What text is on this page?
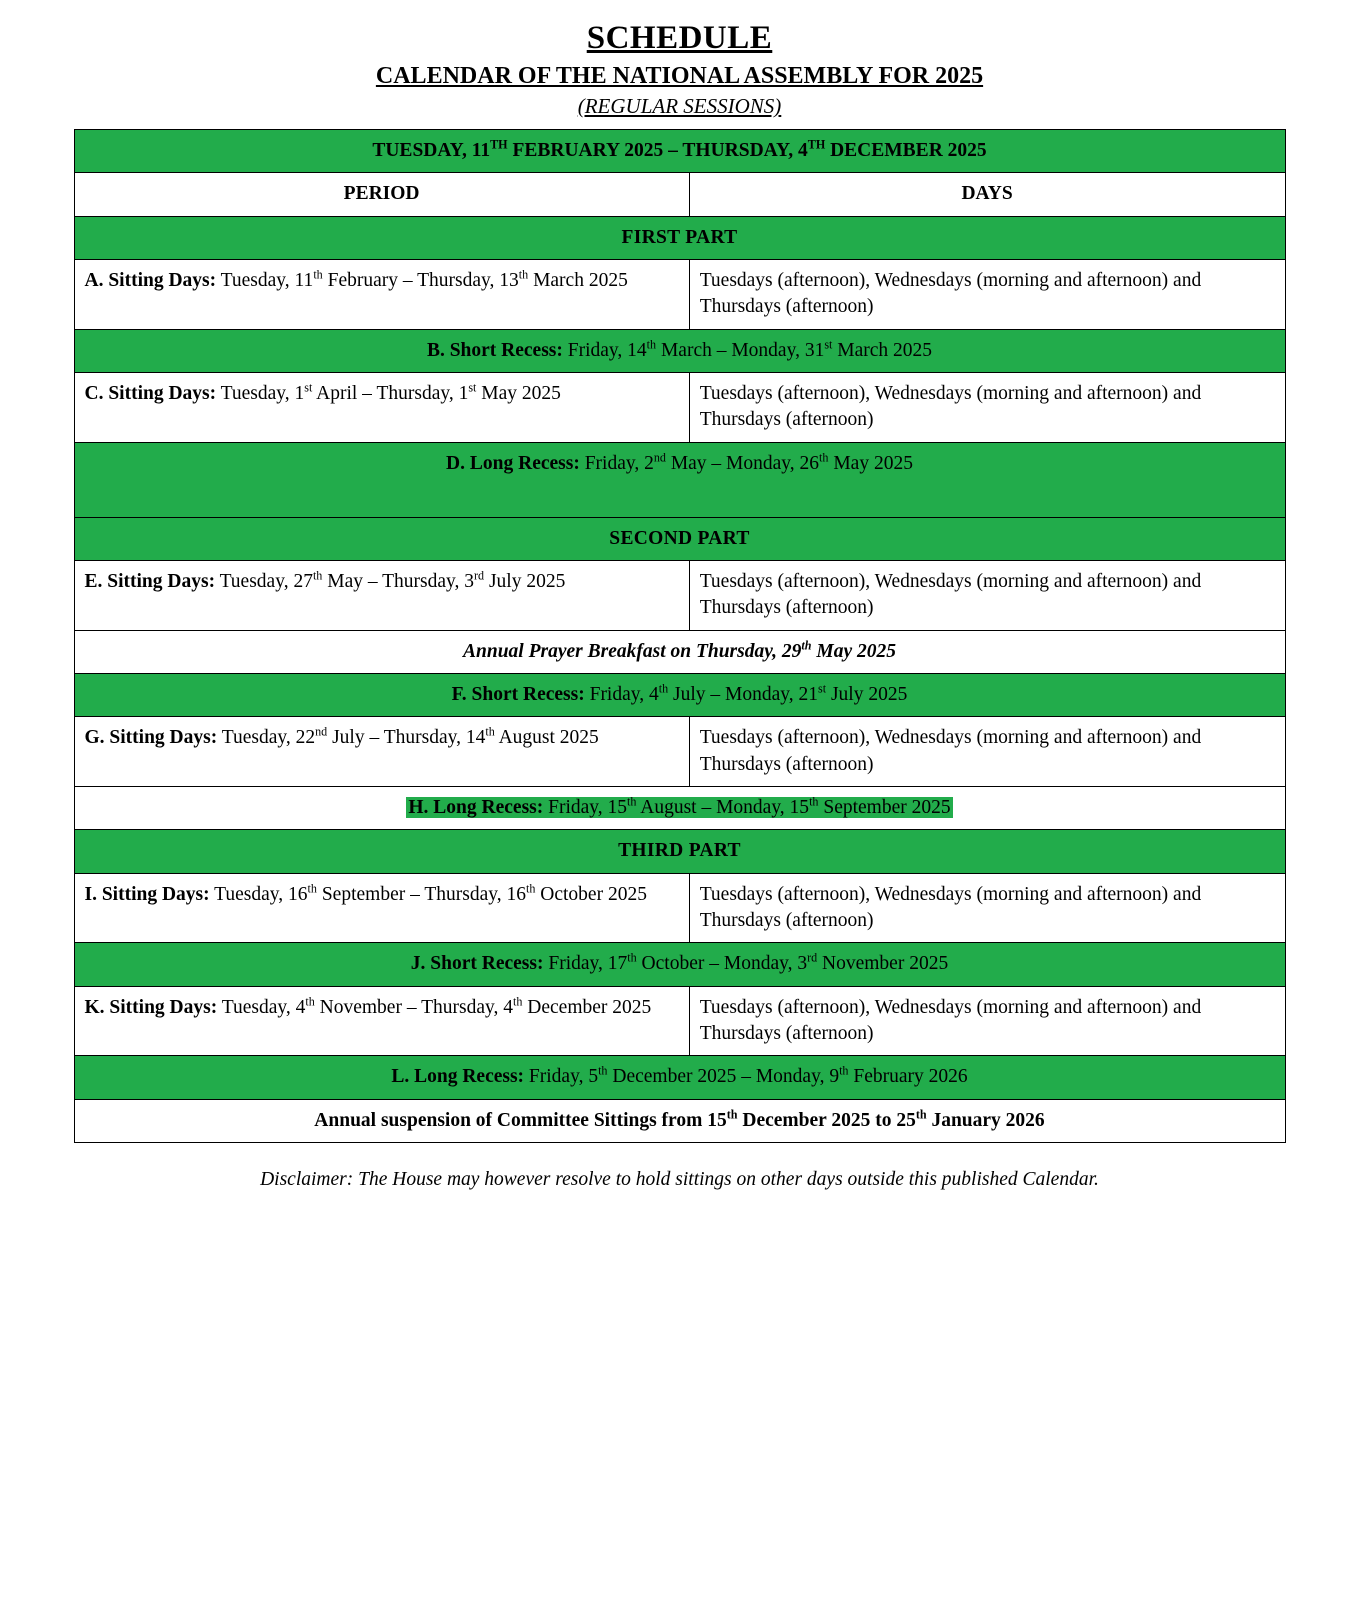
SCHEDULE
CALENDAR OF THE NATIONAL ASSEMBLY FOR 2025
(REGULAR SESSIONS)
TUESDAY, 11TH FEBRUARY 2025 – THURSDAY, 4TH DECEMBER 2025	
PERIOD	DAYS
FIRST PART	
A. Sitting Days: Tuesday, 11th February – Thursday, 13th March 2025	Tuesdays (afternoon), Wednesdays (morning and afternoon) and Thursdays (afternoon)
B. Short Recess: Friday, 14th March – Monday, 31st March 2025	
C. Sitting Days: Tuesday, 1st April – Thursday, 1st May 2025	Tuesdays (afternoon), Wednesdays (morning and afternoon) and Thursdays (afternoon)
D. Long Recess: Friday, 2nd May – Monday, 26th May 2025	
SECOND PART	
E. Sitting Days: Tuesday, 27th May – Thursday, 3rd July 2025	Tuesdays (afternoon), Wednesdays (morning and afternoon) and Thursdays (afternoon)
Annual Prayer Breakfast on Thursday, 29th May 2025	
F. Short Recess: Friday, 4th July – Monday, 21st July 2025	
G. Sitting Days: Tuesday, 22nd July – Thursday, 14th August 2025	Tuesdays (afternoon), Wednesdays (morning and afternoon) and Thursdays (afternoon)
H. Long Recess: Friday, 15th August – Monday, 15th September 2025	
THIRD PART	
I. Sitting Days: Tuesday, 16th September – Thursday, 16th October 2025	Tuesdays (afternoon), Wednesdays (morning and afternoon) and Thursdays (afternoon)
J. Short Recess: Friday, 17th October – Monday, 3rd November 2025	
K. Sitting Days: Tuesday, 4th November – Thursday, 4th December 2025	Tuesdays (afternoon), Wednesdays (morning and afternoon) and Thursdays (afternoon)
L. Long Recess: Friday, 5th December 2025 – Monday, 9th February 2026	
Annual suspension of Committee Sittings from 15th December 2025 to 25th January 2026	
Disclaimer: The House may however resolve to hold sittings on other days outside this published Calendar.
